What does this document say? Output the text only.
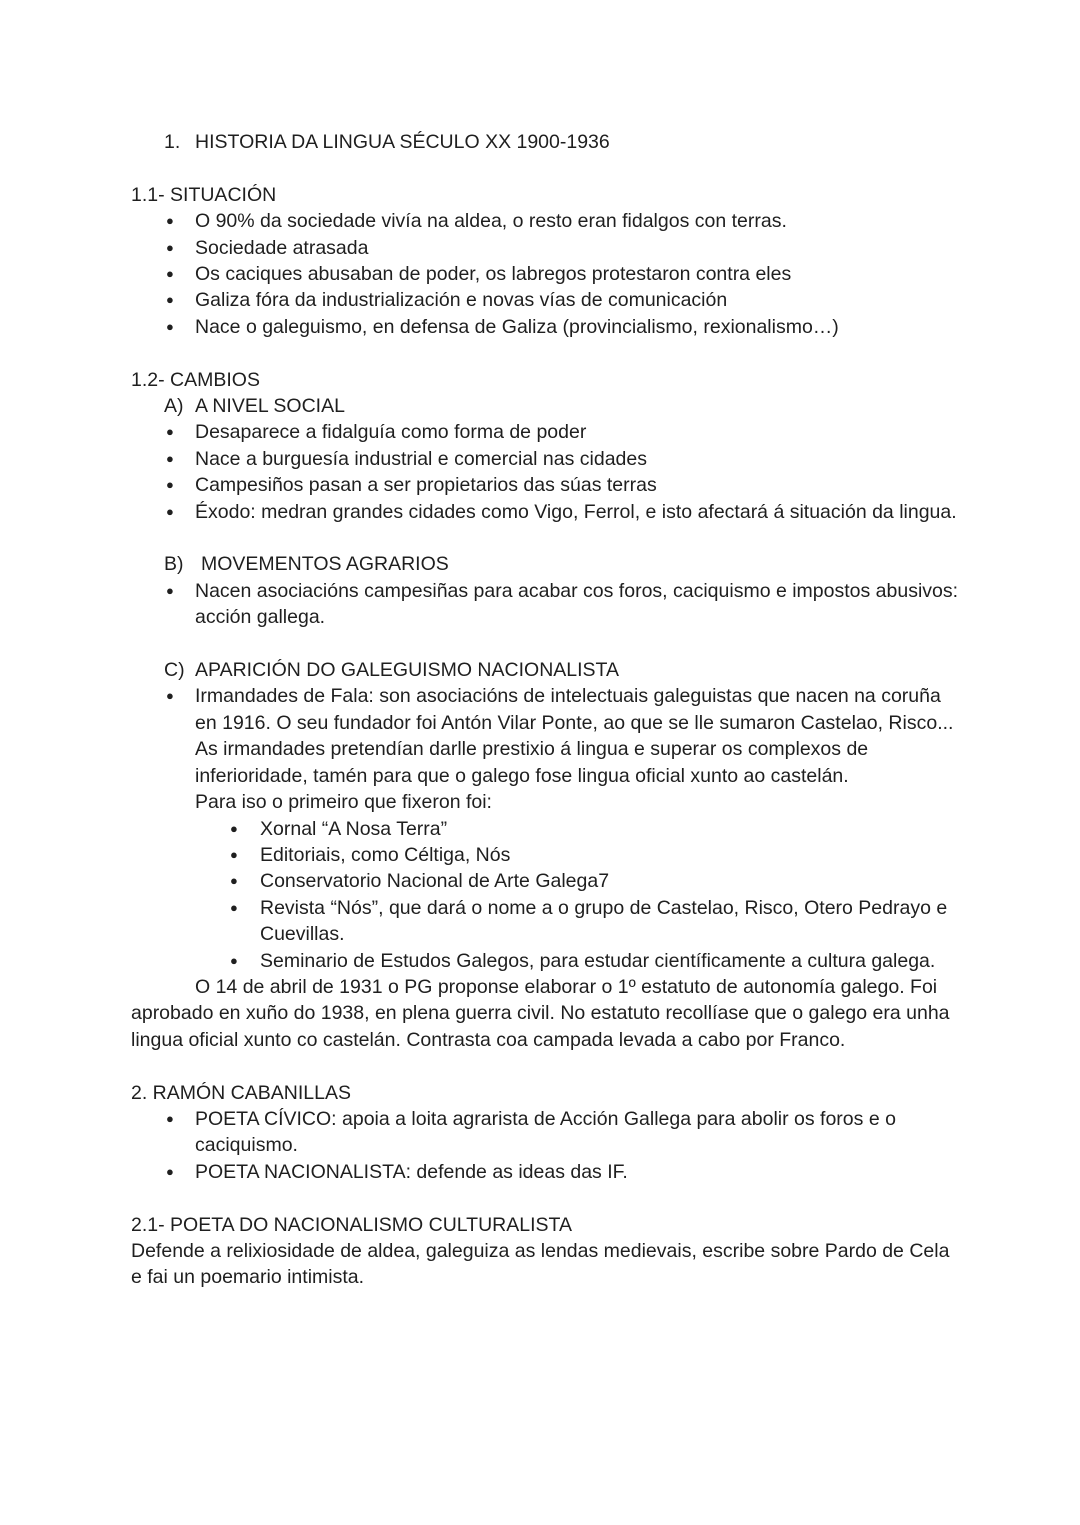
1. HISTORIA DA LINGUA SÉCULO XX 1900-1936

1.1- SITUACIÓN

● O 90% da sociedade vivía na aldea, o resto eran fidalgos con terras.
● Sociedade atrasada
● Os caciques abusaban de poder, os labregos protestaron contra eles
● Galiza fóra da industrialización e novas vías de comunicación
● Nace o galeguismo, en defensa de Galiza (provincialismo, rexionalismo…)

1.2- CAMBIOS

A) A NIVEL SOCIAL

● Desaparece a fidalguía como forma de poder
● Nace a burguesía industrial e comercial nas cidades
● Campesiños pasan a ser propietarios das súas terras
● Éxodo: medran grandes cidades como Vigo, Ferrol, e isto afectará á situación da lingua.

B) MOVEMENTOS AGRARIOS

● Nacen asociacións campesiñas para acabar cos foros, caciquismo e impostos abusivos: acción gallega.

C) APARICIÓN DO GALEGUISMO NACIONALISTA

● Irmandades de Fala: son asociacións de intelectuais galeguistas que nacen na coruña en 1916. O seu fundador foi Antón Vilar Ponte, ao que se lle sumaron Castelao, Risco...

As irmandades pretendían darlle prestixio á lingua e superar os complexos de inferioridade, tamén para que o galego fose lingua oficial xunto ao castelán.

Para iso o primeiro que fixeron foi:

● Xornal “A Nosa Terra”
● Editoriais, como Céltiga, Nós
● Conservatorio Nacional de Arte Galega7
● Revista “Nós”, que dará o nome a o grupo de Castelao, Risco, Otero Pedrayo e Cuevillas.
● Seminario de Estudos Galegos, para estudar científicamente a cultura galega.

O 14 de abril de 1931 o PG proponse elaborar o 1º estatuto de autonomía galego. Foi aprobado en xuño do 1938, en plena guerra civil. No estatuto recollíase que o galego era unha lingua oficial xunto co castelán. Contrasta coa campada levada a cabo por Franco.

2. RAMÓN CABANILLAS

● POETA CÍVICO: apoia a loita agrarista de Acción Gallega para abolir os foros e o caciquismo.
● POETA NACIONALISTA: defende as ideas das IF.

2.1- POETA DO NACIONALISMO CULTURALISTA

Defende a relixiosidade de aldea, galeguiza as lendas medievais, escribe sobre Pardo de Cela e fai un poemario intimista.
